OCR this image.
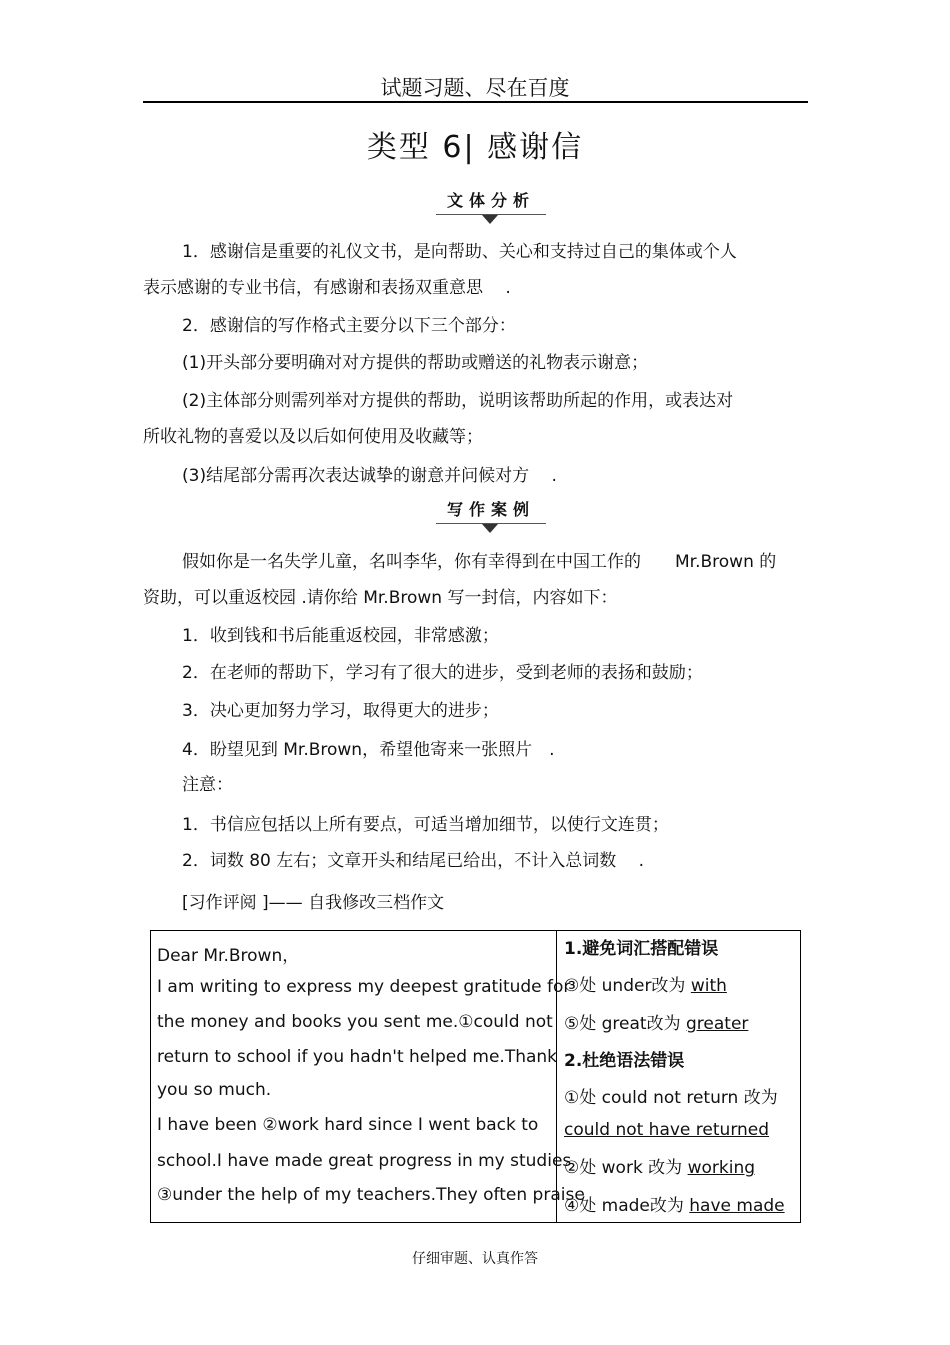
试题习题、尽在百度
类型 6| 感谢信
文体分析
1．感谢信是重要的礼仪文书，是向帮助、关心和支持过自己的集体或个人
表示感谢的专业书信，有感谢和表扬双重意思　 .
2．感谢信的写作格式主要分以下三个部分：
(1)开头部分要明确对对方提供的帮助或赠送的礼物表示谢意；
(2)主体部分则需列举对方提供的帮助，说明该帮助所起的作用，或表达对
所收礼物的喜爱以及以后如何使用及收藏等；
(3)结尾部分需再次表达诚挚的谢意并问候对方　 .
写作案例
假如你是一名失学儿童，名叫李华，你有幸得到在中国工作的　　Mr.Brown 的
资助，可以重返校园 .请你给 Mr.Brown 写一封信，内容如下：
1．收到钱和书后能重返校园，非常感激；
2．在老师的帮助下，学习有了很大的进步，受到老师的表扬和鼓励；
3．决心更加努力学习，取得更大的进步；
4．盼望见到 Mr.Brown，希望他寄来一张照片　.
注意：
1．书信应包括以上所有要点，可适当增加细节，以使行文连贯；
2．词数 80 左右；文章开头和结尾已给出，不计入总词数　 .
[习作评阅 ]—— 自我修改三档作文
Dear Mr.Brown，
I am writing to express my deepest gratitude for
the money and books you sent me.①could not
return to school if you hadn't helped me.Thank
you so much.
I have been ②work hard since I went back to
school.I have made great progress in my studies
③under the help of my teachers.They often praise
1.避免词汇搭配错误
③处 under改为 with
⑤处 great改为 greater
2.杜绝语法错误
①处 could not return 改为
could not have returned
②处 work 改为 working
④处 made改为 have made
仔细审题、认真作答
